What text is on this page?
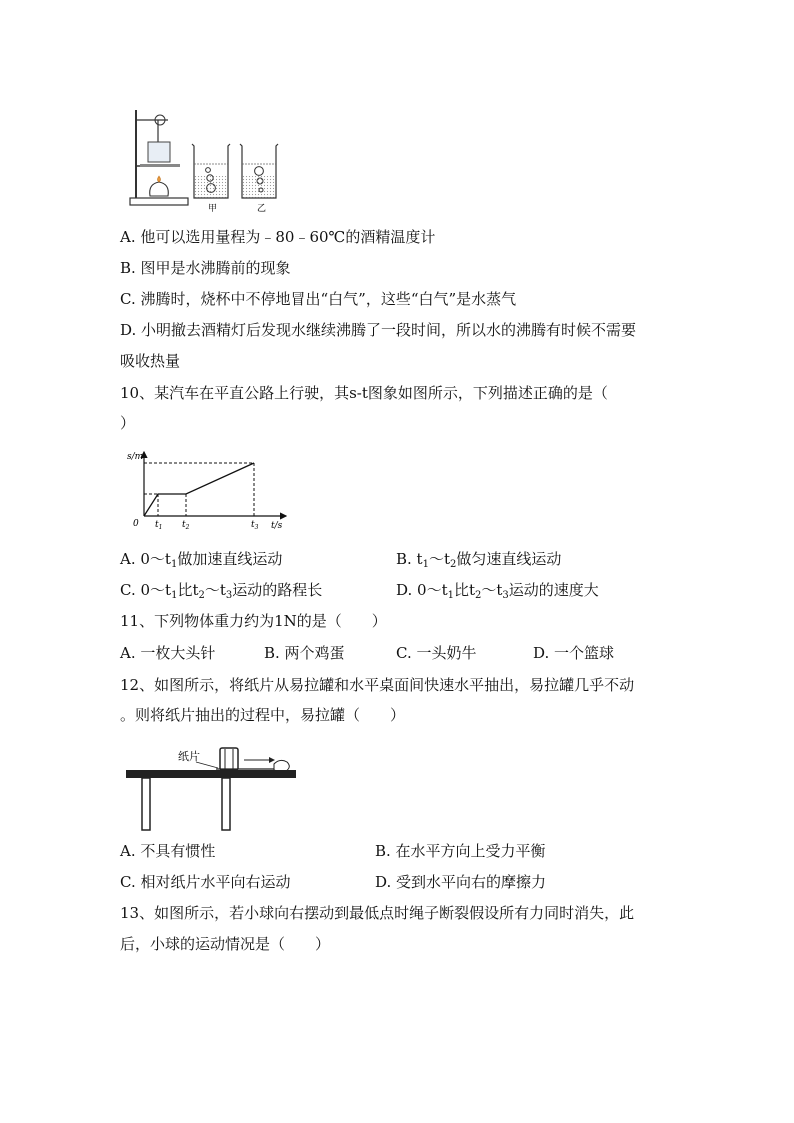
甲	乙
A. 他可以选用量程为﹣80﹣60℃的酒精温度计
B. 图甲是水沸腾前的现象
C. 沸腾时，烧杯中不停地冒出“白气”，这些“白气”是水蒸气
D. 小明撤去酒精灯后发现水继续沸腾了一段时间，所以水的沸腾有时候不需要
吸收热量
10、某汽车在平直公路上行驶，其s-t图象如图所示，下列描述正确的是（
）
s/m
t/s
0 $t_1$ $t_2$	$t_3$
A. $0\sim t_1$做加速直线运动	B. $t_1\sim t_2$做匀速直线运动
C. $0\sim t_1$比$t_2\sim t_3$运动的路程长	D. $0\sim t_1$比$t_2\sim t_3$运动的速度大
11、下列物体重力约为1N的是（　　）
A. 一枚大头针	B. 两个鸡蛋	C. 一头奶牛	D. 一个篮球
12、如图所示，将纸片从易拉罐和水平桌面间快速水平抽出，易拉罐几乎不动
。则将纸片抽出的过程中，易拉罐（　　）
纸片
A. 不具有惯性	B. 在水平方向上受力平衡
C. 相对纸片水平向右运动	D. 受到水平向右的摩擦力
13、如图所示，若小球向右摆动到最低点时绳子断裂假设所有力同时消失，此
后，小球的运动情况是（　　）
